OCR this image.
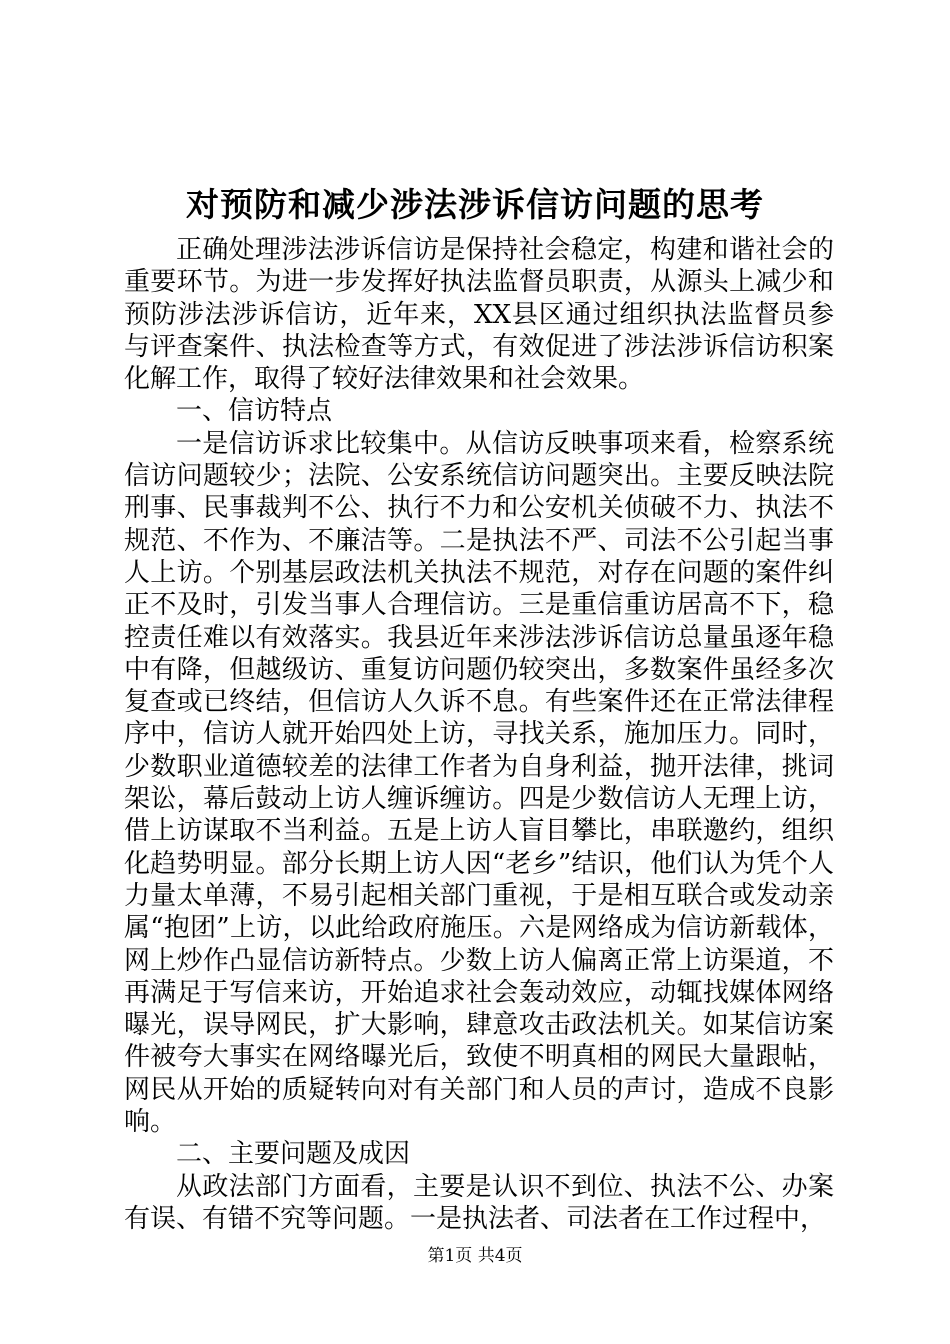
对预防和减少涉法涉诉信访问题的思考

正确处理涉法涉诉信访是保持社会稳定，构建和谐社会的重要环节。为进一步发挥好执法监督员职责，从源头上减少和预防涉法涉诉信访，近年来，XX县区通过组织执法监督员参与评查案件、执法检查等方式，有效促进了涉法涉诉信访积案化解工作，取得了较好法律效果和社会效果。

一、信访特点

一是信访诉求比较集中。从信访反映事项来看，检察系统信访问题较少；法院、公安系统信访问题突出。主要反映法院刑事、民事裁判不公、执行不力和公安机关侦破不力、执法不规范、不作为、不廉洁等。二是执法不严、司法不公引起当事人上访。个别基层政法机关执法不规范，对存在问题的案件纠正不及时，引发当事人合理信访。三是重信重访居高不下，稳控责任难以有效落实。我县近年来涉法涉诉信访总量虽逐年稳中有降，但越级访、重复访问题仍较突出，多数案件虽经多次复查或已终结，但信访人久诉不息。有些案件还在正常法律程序中，信访人就开始四处上访，寻找关系，施加压力。同时，少数职业道德较差的法律工作者为自身利益，抛开法律，挑词架讼，幕后鼓动上访人缠诉缠访。四是少数信访人无理上访，借上访谋取不当利益。五是上访人盲目攀比，串联邀约，组织化趋势明显。部分长期上访人因“老乡”结识，他们认为凭个人力量太单薄，不易引起相关部门重视，于是相互联合或发动亲属“抱团”上访，以此给政府施压。六是网络成为信访新载体，网上炒作凸显信访新特点。少数上访人偏离正常上访渠道，不再满足于写信来访，开始追求社会轰动效应，动辄找媒体网络曝光，误导网民，扩大影响，肆意攻击政法机关。如某信访案件被夸大事实在网络曝光后，致使不明真相的网民大量跟帖，网民从开始的质疑转向对有关部门和人员的声讨，造成不良影响。

二、主要问题及成因

从政法部门方面看，主要是认识不到位、执法不公、办案有误、有错不究等问题。一是执法者、司法者在工作过程中，

第1页 共4页
